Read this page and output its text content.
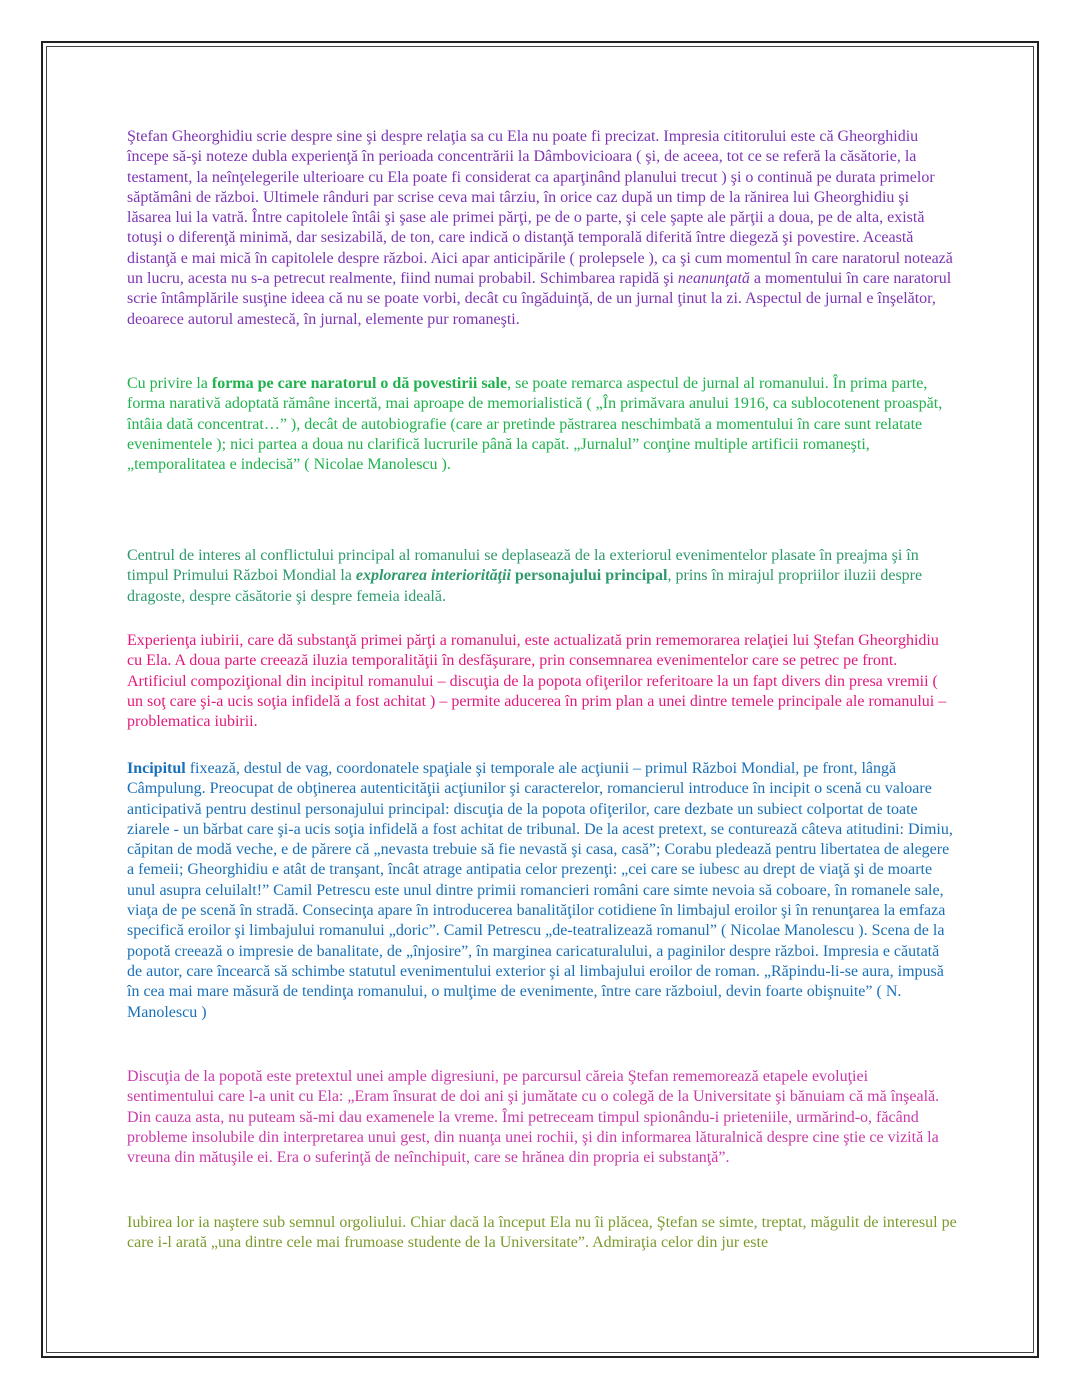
Ştefan Gheorghidiu scrie despre sine şi despre relaţia sa cu Ela nu poate fi precizat. Impresia cititorului este că Gheorghidiu începe să-şi noteze dubla experienţă în perioada concentrării la Dâmbovicioara ( şi, de aceea, tot ce se referă la căsătorie, la testament, la neînţelegerile ulterioare cu Ela poate fi considerat ca aparţinând planului trecut ) şi o continuă pe durata primelor săptămâni de război. Ultimele rânduri par scrise ceva mai târziu, în orice caz după un timp de la rănirea lui Gheorghidiu şi lăsarea lui la vatră. Între capitolele întâi şi şase ale primei părţi, pe de o parte, şi cele şapte ale părţii a doua, pe de alta, există totuşi o diferenţă minimă, dar sesizabilă, de ton, care indică o distanţă temporală diferită între diegeză şi povestire. Această distanţă e mai mică în capitolele despre război. Aici apar anticipările ( prolepsele ), ca şi cum momentul în care naratorul notează un lucru, acesta nu s-a petrecut realmente, fiind numai probabil. Schimbarea rapidă şi neanunţată a momentului în care naratorul scrie întâmplările susţine ideea că nu se poate vorbi, decât cu îngăduinţă, de un jurnal ţinut la zi. Aspectul de jurnal e înşelător, deoarece autorul amestecă, în jurnal, elemente pur romaneşti.

Cu privire la forma pe care naratorul o dă povestirii sale, se poate remarca aspectul de jurnal al romanului. În prima parte, forma narativă adoptată rămâne incertă, mai aproape de memorialistică ( „În primăvara anului 1916, ca sublocotenent proaspăt, întâia dată concentrat…” ), decât de autobiografie (care ar pretinde păstrarea neschimbată a momentului în care sunt relatate evenimentele ); nici partea a doua nu clarifică lucrurile până la capăt. „Jurnalul” conţine multiple artificii romaneşti, „temporalitatea e indecisă” ( Nicolae Manolescu ).

Centrul de interes al conflictului principal al romanului se deplasează de la exteriorul evenimentelor plasate în preajma şi în timpul Primului Război Mondial la explorarea interiorităţii personajului principal, prins în mirajul propriilor iluzii despre dragoste, despre căsătorie şi despre femeia ideală.

Experienţa iubirii, care dă substanţă primei părţi a romanului, este actualizată prin rememorarea relaţiei lui Ştefan Gheorghidiu cu Ela. A doua parte creează iluzia temporalităţii în desfăşurare, prin consemnarea evenimentelor care se petrec pe front. Artificiul compoziţional din incipitul romanului – discuţia de la popota ofiţerilor referitoare la un fapt divers din presa vremii ( un soţ care şi-a ucis soţia infidelă a fost achitat ) – permite aducerea în prim plan a unei dintre temele principale ale romanului – problematica iubirii.

Incipitul fixează, destul de vag, coordonatele spaţiale şi temporale ale acţiunii – primul Război Mondial, pe front, lângă Câmpulung. Preocupat de obţinerea autenticităţii acţiunilor şi caracterelor, romancierul introduce în incipit o scenă cu valoare anticipativă pentru destinul personajului principal: discuţia de la popota ofiţerilor, care dezbate un subiect colportat de toate ziarele - un bărbat care şi-a ucis soţia infidelă a fost achitat de tribunal. De la acest pretext, se conturează câteva atitudini: Dimiu, căpitan de modă veche, e de părere că „nevasta trebuie să fie nevastă şi casa, casă”; Corabu pledează pentru libertatea de alegere a femeii; Gheorghidiu e atât de tranşant, încât atrage antipatia celor prezenţi: „cei care se iubesc au drept de viaţă şi de moarte unul asupra celuilalt!” Camil Petrescu este unul dintre primii romancieri români care simte nevoia să coboare, în romanele sale, viaţa de pe scenă în stradă. Consecinţa apare în introducerea banalităţilor cotidiene în limbajul eroilor şi în renunţarea la emfaza specifică eroilor şi limbajului romanului „doric”. Camil Petrescu „de-teatralizează romanul” ( Nicolae Manolescu ). Scena de la popotă creează o impresie de banalitate, de „înjosire”, în marginea caricaturalului, a paginilor despre război. Impresia e căutată de autor, care încearcă să schimbe statutul evenimentului exterior şi al limbajului eroilor de roman. „Răpindu-li-se aura, impusă în cea mai mare măsură de tendinţa romanului, o mulţime de evenimente, între care războiul, devin foarte obişnuite” ( N. Manolescu )

Discuţia de la popotă este pretextul unei ample digresiuni, pe parcursul căreia Ştefan rememorează etapele evoluţiei sentimentului care l-a unit cu Ela: „Eram însurat de doi ani şi jumătate cu o colegă de la Universitate şi bănuiam că mă înşeală. Din cauza asta, nu puteam să-mi dau examenele la vreme. Îmi petreceam timpul spionându-i prieteniile, urmărind-o, făcând probleme insolubile din interpretarea unui gest, din nuanţa unei rochii, şi din informarea lăturalnică despre cine ştie ce vizită la vreuna din mătuşile ei. Era o suferinţă de neînchipuit, care se hrănea din propria ei substanţă”.

Iubirea lor ia naştere sub semnul orgoliului. Chiar dacă la început Ela nu îi plăcea, Ştefan se simte, treptat, măgulit de interesul pe care i-l arată „una dintre cele mai frumoase studente de la Universitate”. Admiraţia celor din jur este
